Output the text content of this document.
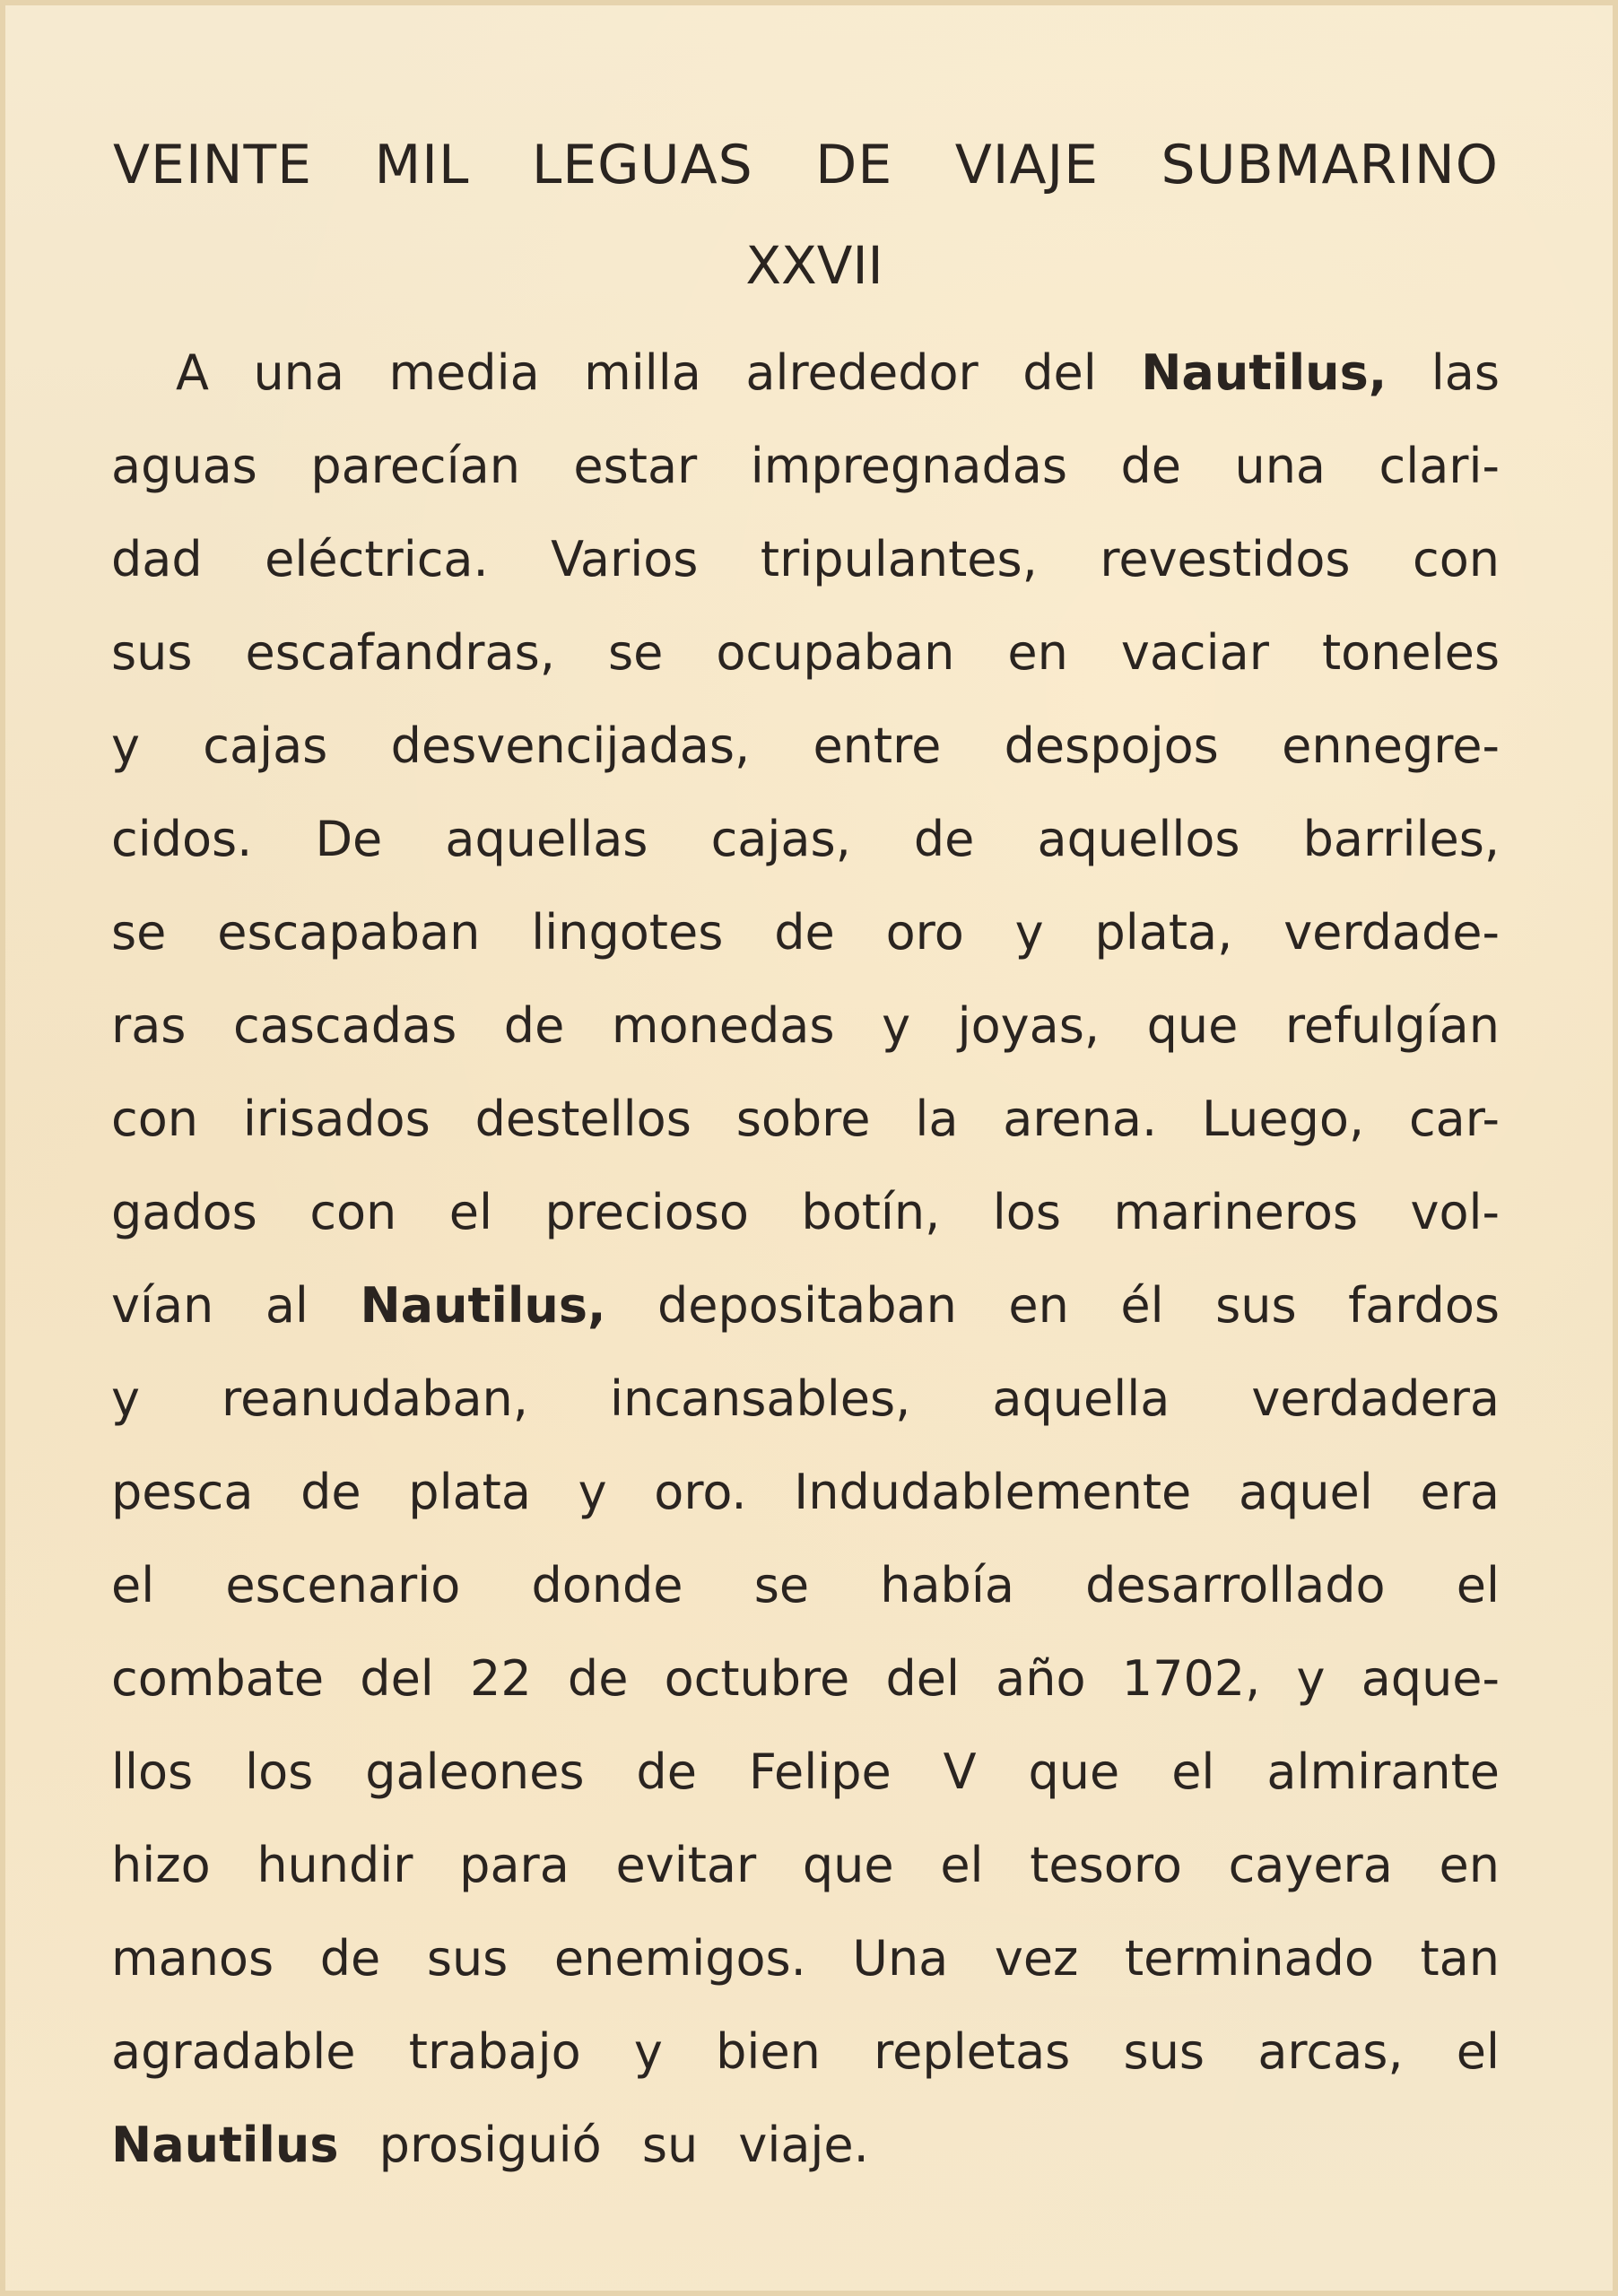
VEINTE MIL LEGUAS DE VIAJE SUBMARINO
XXVII
A una media milla alrededor del Nautilus, las
aguas parecían estar impregnadas de una clari-
dad eléctrica. Varios tripulantes, revestidos con
sus escafandras, se ocupaban en vaciar toneles
y cajas desvencijadas, entre despojos ennegre-
cidos. De aquellas cajas, de aquellos barriles,
se escapaban lingotes de oro y plata, verdade-
ras cascadas de monedas y joyas, que refulgían
con irisados destellos sobre la arena. Luego, car-
gados con el precioso botín, los marineros vol-
vían al Nautilus, depositaban en él sus fardos
y reanudaban, incansables, aquella verdadera
pesca de plata y oro. Indudablemente aquel era
el escenario donde se había desarrollado el
combate del 22 de octubre del año 1702, y aque-
llos los galeones de Felipe V que el almirante
hizo hundir para evitar que el tesoro cayera en
manos de sus enemigos. Una vez terminado tan
agradable trabajo y bien repletas sus arcas, el
Nautilus prosiguió su viaje.
